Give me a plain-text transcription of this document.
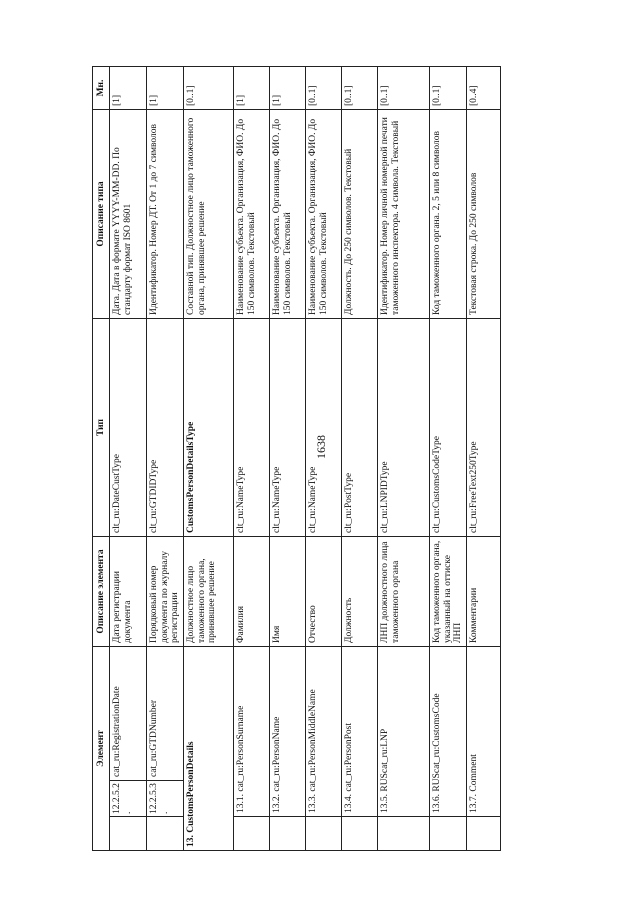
1638
Элемент			Описание элемента	Тип	Описание типа	Мн.
	12.2.5.2.	cat_ru:RegistrationDate	Дата регистрации документа	clt_ru:DateCustType	Дата. Дата в формате YYYY-MM-DD. По стандарту формат ISO 8601	[1]
	12.2.5.3.	cat_ru:GTDNumber	Порядковый номер документа по журналу регистрации	clt_ru:GTDIDType	Идентификатор. Номер ДТ. От 1 до 7 символов	[1]
13. CustomsPersonDetails			Должностное лицо таможенного органа, принявшее решение	CustomsPersonDetailsType	Составной тип. Должностное лицо таможенного органа, принявшее решение	[0..1]
	13.1. cat_ru:PersonSurname		Фамилия	clt_ru:NameType	Наименование субъекта. Организация, ФИО. До 150 символов. Текстовый	[1]
	13.2. cat_ru:PersonName		Имя	clt_ru:NameType	Наименование субъекта. Организация, ФИО. До 150 символов. Текстовый	[1]
	13.3. cat_ru:PersonMiddleName		Отчество	clt_ru:NameType	Наименование субъекта. Организация, ФИО. До 150 символов. Текстовый	[0..1]
	13.4. cat_ru:PersonPost		Должность	clt_ru:PostType	Должность. До 250 символов. Текстовый	[0..1]
	13.5. RUScat_ru:LNP		ЛНП должностного лица таможенного органа	clt_ru:LNPIDType	Идентификатор. Номер личной номерной печати таможенного инспектора. 4 символа. Текстовый	[0..1]
	13.6. RUScat_ru:CustomsCode		Код таможенного органа, указанный на оттиске ЛНП	clt_ru:CustomsCodeType	Код таможенного органа. 2, 5 или 8 символов	[0..1]
	13.7. Comment		Комментарии	clt_ru:FreeText250Type	Текстовая строка. До 250 символов	[0..4]
